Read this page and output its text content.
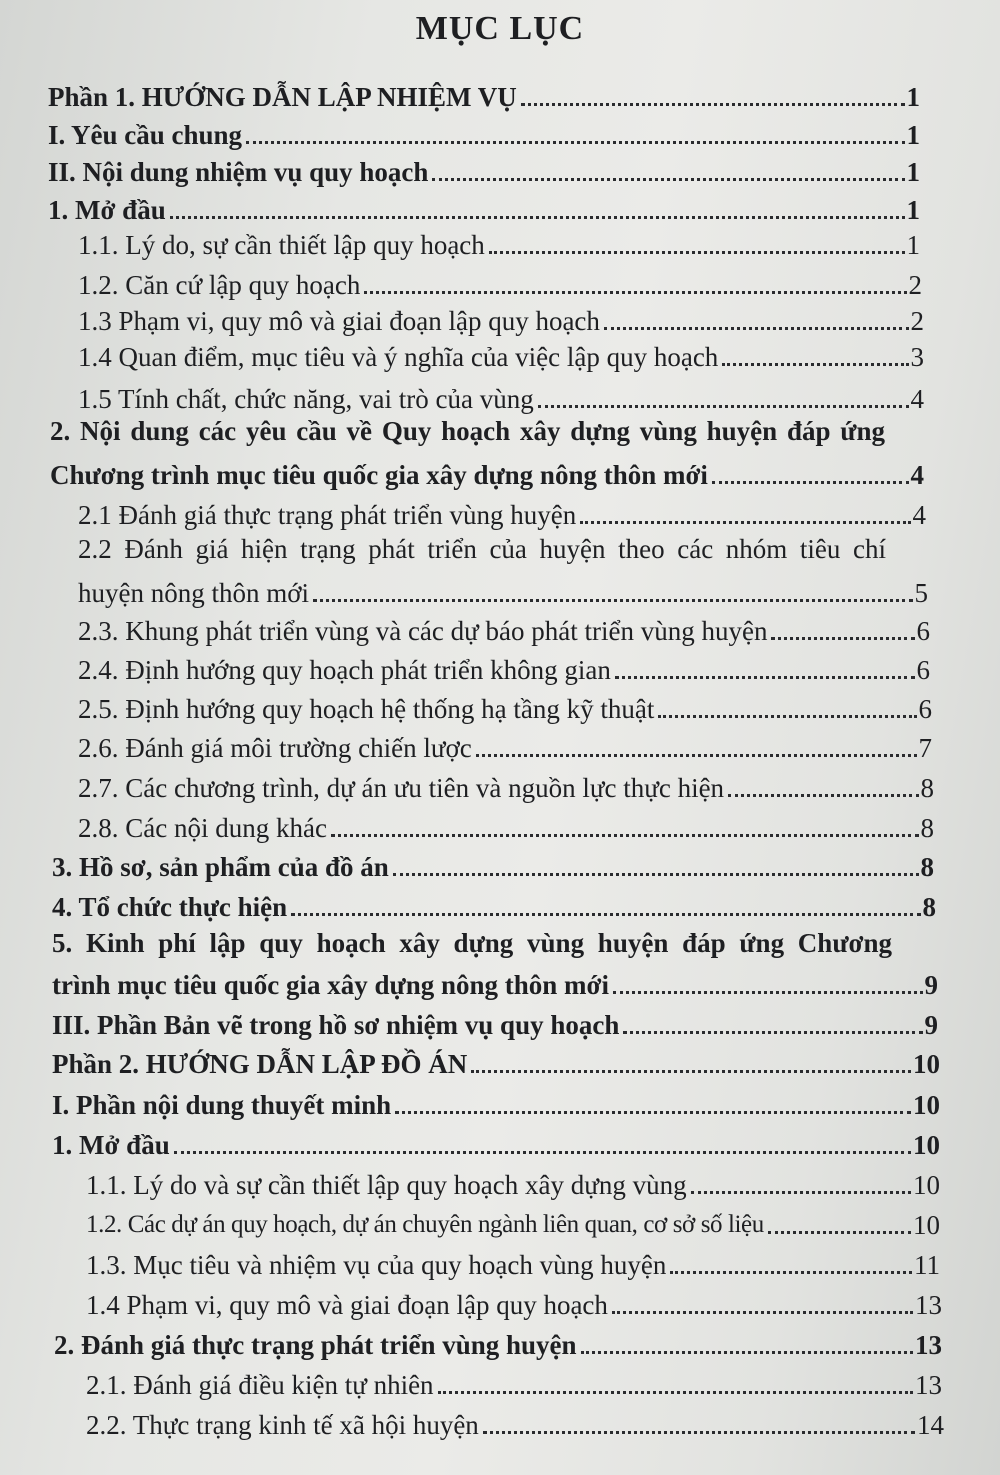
MỤC LỤC
Phần 1. HƯỚNG DẪN LẬP NHIỆM VỤ	1
I. Yêu cầu chung	1
II. Nội dung nhiệm vụ quy hoạch	1
1. Mở đầu	1
1.1. Lý do, sự cần thiết lập quy hoạch	1
1.2. Căn cứ lập quy hoạch	2
1.3 Phạm vi, quy mô và giai đoạn lập quy hoạch	2
1.4 Quan điểm, mục tiêu và ý nghĩa của việc lập quy hoạch	3
1.5 Tính chất, chức năng, vai trò của vùng	4
2. Nội dung các yêu cầu về Quy hoạch xây dựng vùng huyện đáp ứng
Chương trình mục tiêu quốc gia xây dựng nông thôn mới	4
2.1 Đánh giá thực trạng phát triển vùng huyện	4
2.2 Đánh giá hiện trạng phát triển của huyện theo các nhóm tiêu chí
huyện nông thôn mới	5
2.3. Khung phát triển vùng và các dự báo phát triển vùng huyện	6
2.4. Định hướng quy hoạch phát triển không gian	6
2.5. Định hướng quy hoạch hệ thống hạ tầng kỹ thuật	6
2.6. Đánh giá môi trường chiến lược	7
2.7. Các chương trình, dự án ưu tiên và nguồn lực thực hiện	8
2.8. Các nội dung khác	8
3. Hồ sơ, sản phẩm của đồ án	8
4. Tổ chức thực hiện	8
5. Kinh phí lập quy hoạch xây dựng vùng huyện đáp ứng Chương
trình mục tiêu quốc gia xây dựng nông thôn mới	9
III. Phần Bản vẽ trong hồ sơ nhiệm vụ quy hoạch	9
Phần 2. HƯỚNG DẪN LẬP ĐỒ ÁN	10
I. Phần nội dung thuyết minh	10
1. Mở đầu	10
1.1. Lý do và sự cần thiết lập quy hoạch xây dựng vùng	10
1.2. Các dự án quy hoạch, dự án chuyên ngành liên quan, cơ sở số liệu	10
1.3. Mục tiêu và nhiệm vụ của quy hoạch vùng huyện	11
1.4 Phạm vi, quy mô và giai đoạn lập quy hoạch	13
2. Đánh giá thực trạng phát triển vùng huyện	13
2.1. Đánh giá điều kiện tự nhiên	13
2.2. Thực trạng kinh tế xã hội huyện	14
